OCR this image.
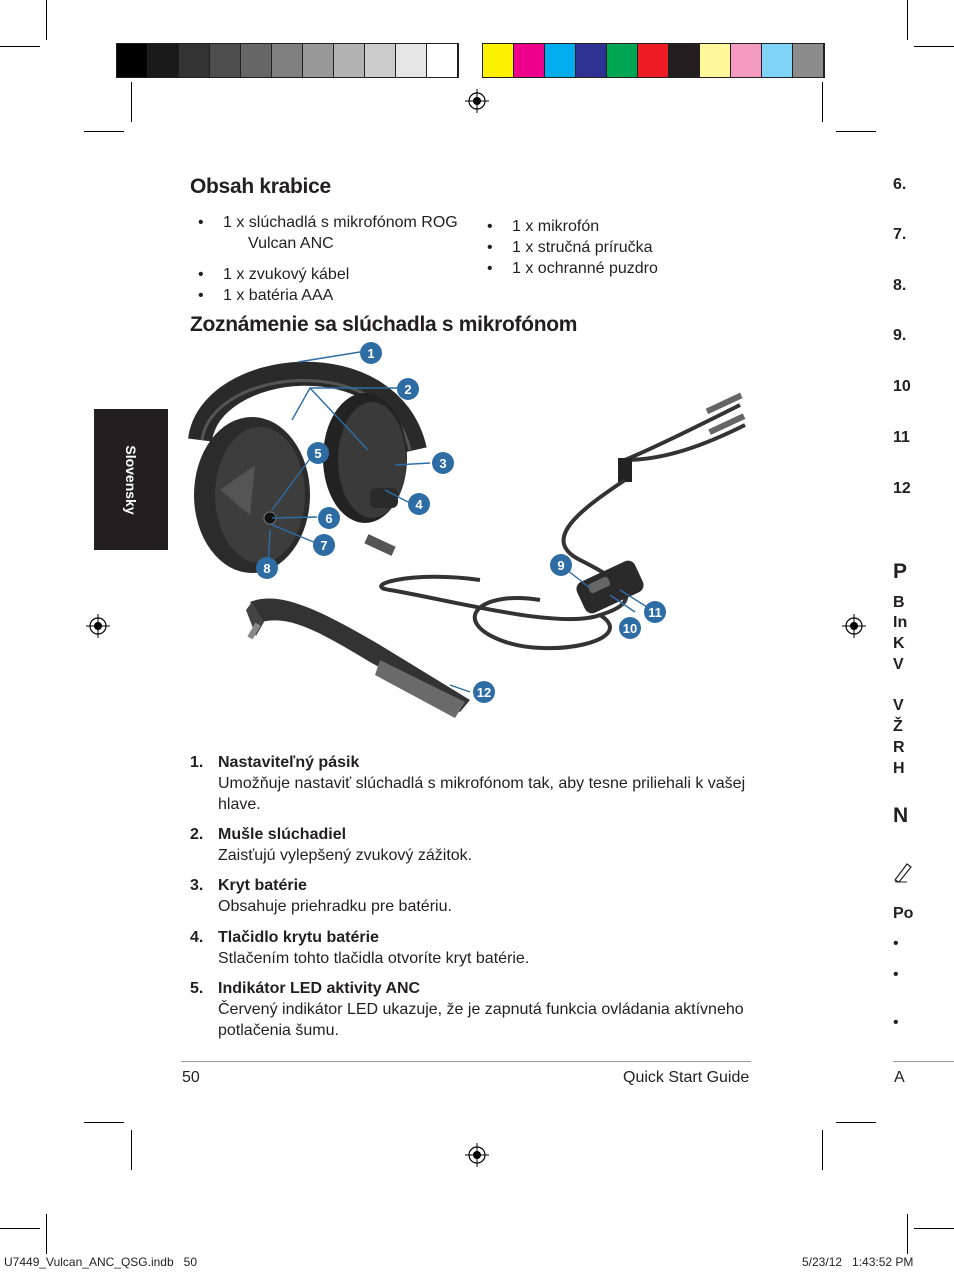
Slovensky
Obsah krabice
• 1 x slúchadlá s mikrofónom ROG
Vulcan ANC
• 1 x zvukový kábel
• 1 x batéria AAA
• 1 x mikrofón
• 1 x stručná príručka
• 1 x ochranné puzdro
Zoznámenie sa slúchadla s mikrofónom
1
2
3
4
5
6
7
8	9
10
11
12
1. Nastaviteľný pásik
Umožňuje nastaviť slúchadlá s mikrofónom tak, aby tesne priliehali k vašej hlave.
2. Mušle slúchadiel
Zaisťujú vylepšený zvukový zážitok.
3. Kryt batérie
Obsahuje priehradku pre batériu.
4. Tlačidlo krytu batérie
Stlačením tohto tlačidla otvoríte kryt batérie.
5. Indikátor LED aktivity ANC
Červený indikátor LED ukazuje, že je zapnutá funkcia ovládania aktívneho potlačenia šumu.
50	Quick Start Guide	A
6.
7.
8.
9.
10
11
12
P
B
In
K
V
V
Ž
R
H
N
Po
•
•
•
U7449_Vulcan_ANC_QSG.indb   50	5/23/12   1:43:52 PM
